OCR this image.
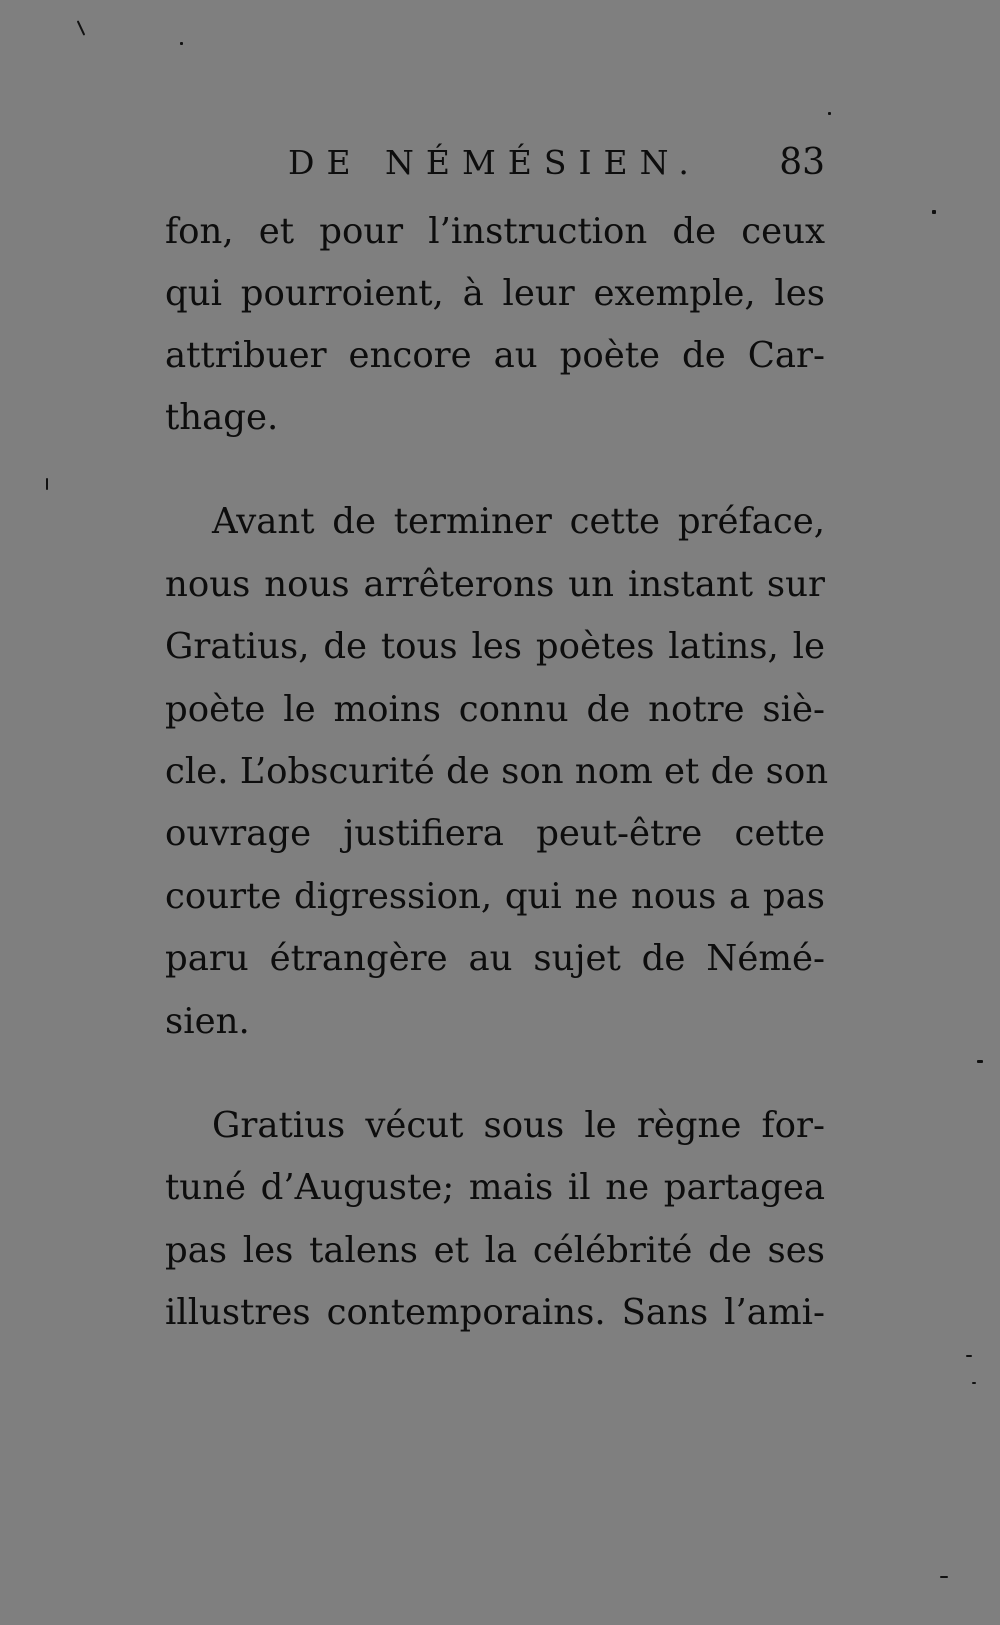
DE NÉMÉSIEN. 83
fon, et pour l’instruction de ceux
qui pourroient, à leur exemple, les
attribuer encore au poète de Car-
thage.
Avant de terminer cette préface,
nous nous arrêterons un instant sur
Gratius, de tous les poètes latins, le
poète le moins connu de notre siè-
cle. L’obscurité de son nom et de son
ouvrage justifiera peut-être cette
courte digression, qui ne nous a pas
paru étrangère au sujet de Némé-
sien.
Gratius vécut sous le règne for-
tuné d’Auguste; mais il ne partagea
pas les talens et la célébrité de ses
illustres contemporains. Sans l’ami-
